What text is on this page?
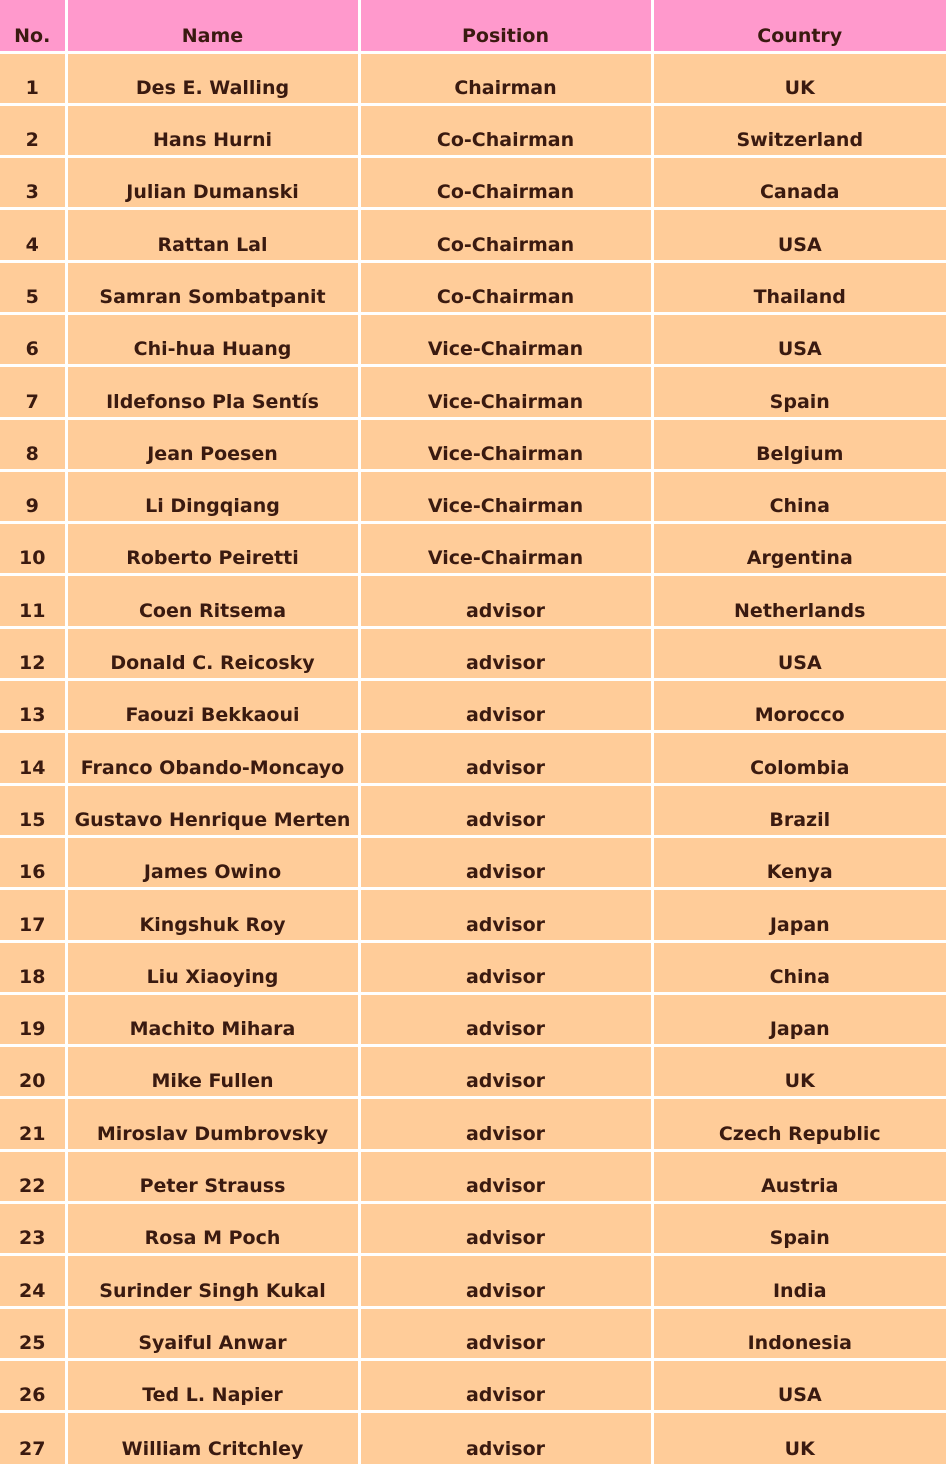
No.	Name	Position	Country
1	Des E. Walling	Chairman	UK
2	Hans Hurni	Co-Chairman	Switzerland
3	Julian Dumanski	Co-Chairman	Canada
4	Rattan Lal	Co-Chairman	USA
5	Samran Sombatpanit	Co-Chairman	Thailand
6	Chi-hua Huang	Vice-Chairman	USA
7	Ildefonso Pla Sentís	Vice-Chairman	Spain
8	Jean Poesen	Vice-Chairman	Belgium
9	Li Dingqiang	Vice-Chairman	China
10	Roberto Peiretti	Vice-Chairman	Argentina
11	Coen Ritsema	advisor	Netherlands
12	Donald C. Reicosky	advisor	USA
13	Faouzi Bekkaoui	advisor	Morocco
14	Franco Obando-Moncayo	advisor	Colombia
15	Gustavo Henrique Merten	advisor	Brazil
16	James Owino	advisor	Kenya
17	Kingshuk Roy	advisor	Japan
18	Liu Xiaoying	advisor	China
19	Machito Mihara	advisor	Japan
20	Mike Fullen	advisor	UK
21	Miroslav Dumbrovsky	advisor	Czech Republic
22	Peter Strauss	advisor	Austria
23	Rosa M Poch	advisor	Spain
24	Surinder Singh Kukal	advisor	India
25	Syaiful Anwar	advisor	Indonesia
26	Ted L. Napier	advisor	USA
27	William Critchley	advisor	UK
